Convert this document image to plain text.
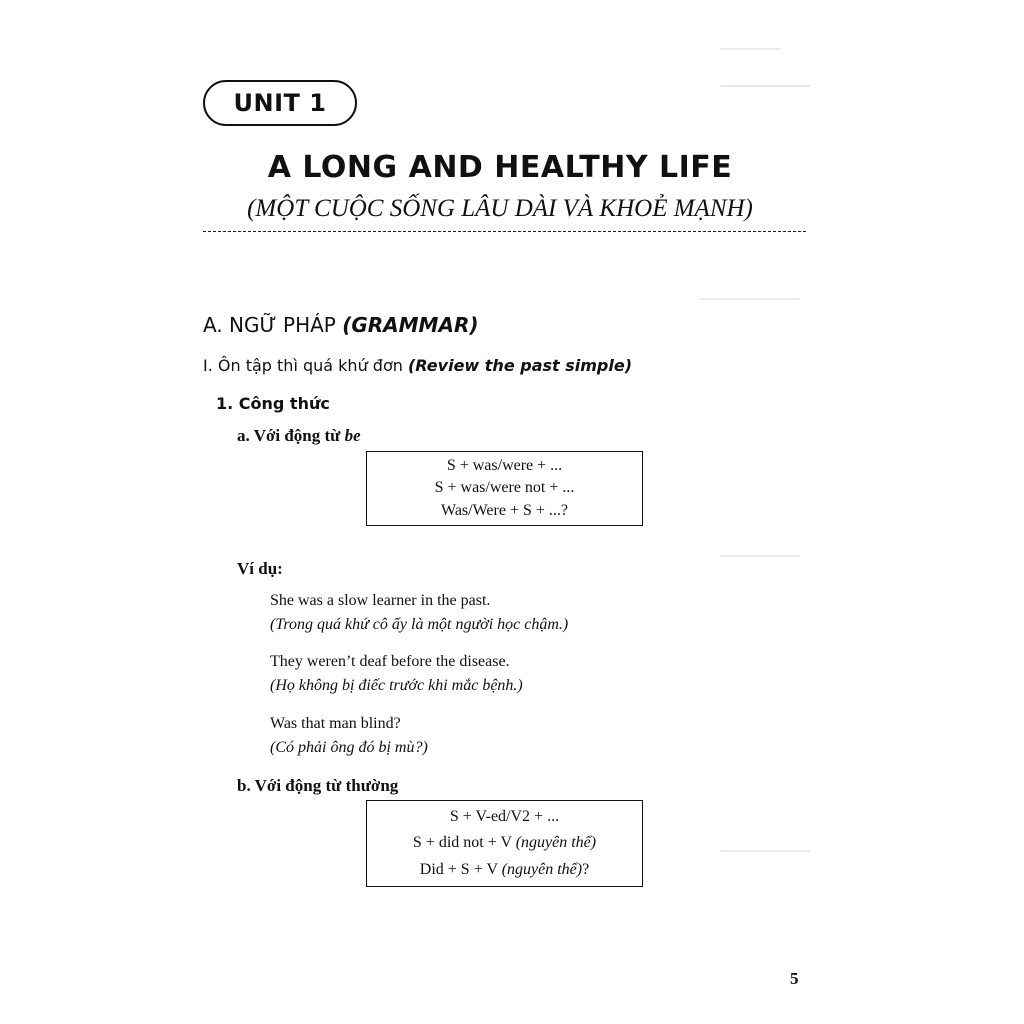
UNIT 1
A LONG AND HEALTHY LIFE
(MỘT CUỘC SỐNG LÂU DÀI VÀ KHOẺ MẠNH)
A. NGỮ PHÁP (GRAMMAR)
I. Ôn tập thì quá khứ đơn (Review the past simple)
1. Công thức
a. Với động từ be
S + was/were + ...
S + was/were not + ...
Was/Were + S + ...?
Ví dụ:
She was a slow learner in the past.
(Trong quá khứ cô ấy là một người học chậm.)
They weren’t deaf before the disease.
(Họ không bị điếc trước khi mắc bệnh.)
Was that man blind?
(Có phải ông đó bị mù?)
b. Với động từ thường
S + V-ed/V2 + ...
S + did not + V (nguyên thể)
Did + S + V (nguyên thể)?
5
